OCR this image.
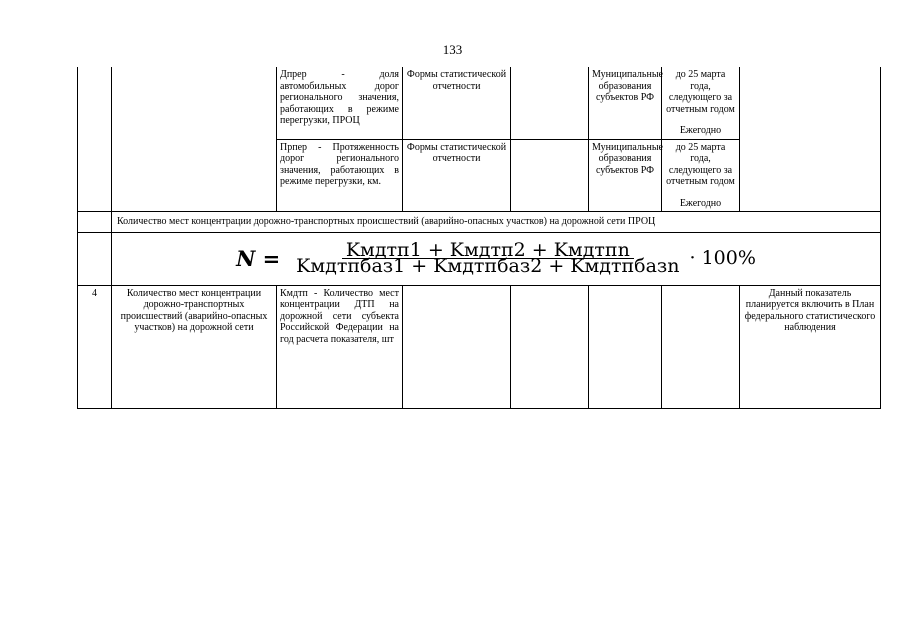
133
		Дпрер - доля автомобильных дорог регионального значения, работающих в режиме перегрузки, ПРОЦ	Формы статистической отчетности		Муниципальные образования субъектов РФ	до 25 марта года, следующего за отчетным годом
Ежегодно	
		Прпер - Протяженность дорог регионального значения, работающих в режиме перегрузки, км.	Формы статистической отчетности		Муниципальные образования субъектов РФ	до 25 марта года, следующего за отчетным годом
Ежегодно	
	Количество мест концентрации дорожно-транспортных происшествий (аварийно-опасных участков) на дорожной сети ПРОЦ						

	$N = \frac{\text{Kмдтп1 + Kмдтп2 + Kмдтпn}}{\text{Kмдтпбаз1 + Kмдтпбаз2 + Kмдтпбазn}} \cdot 100\%$						

4	Количество мест концентрации дорожно-транспортных происшествий (аварийно-опасных участков) на дорожной сети	Кмдтп - Количество мест концентрации ДТП на дорожной сети субъекта Российской Федерации на год расчета показателя, шт					Данный показатель планируется включить в План федерального статистического наблюдения
